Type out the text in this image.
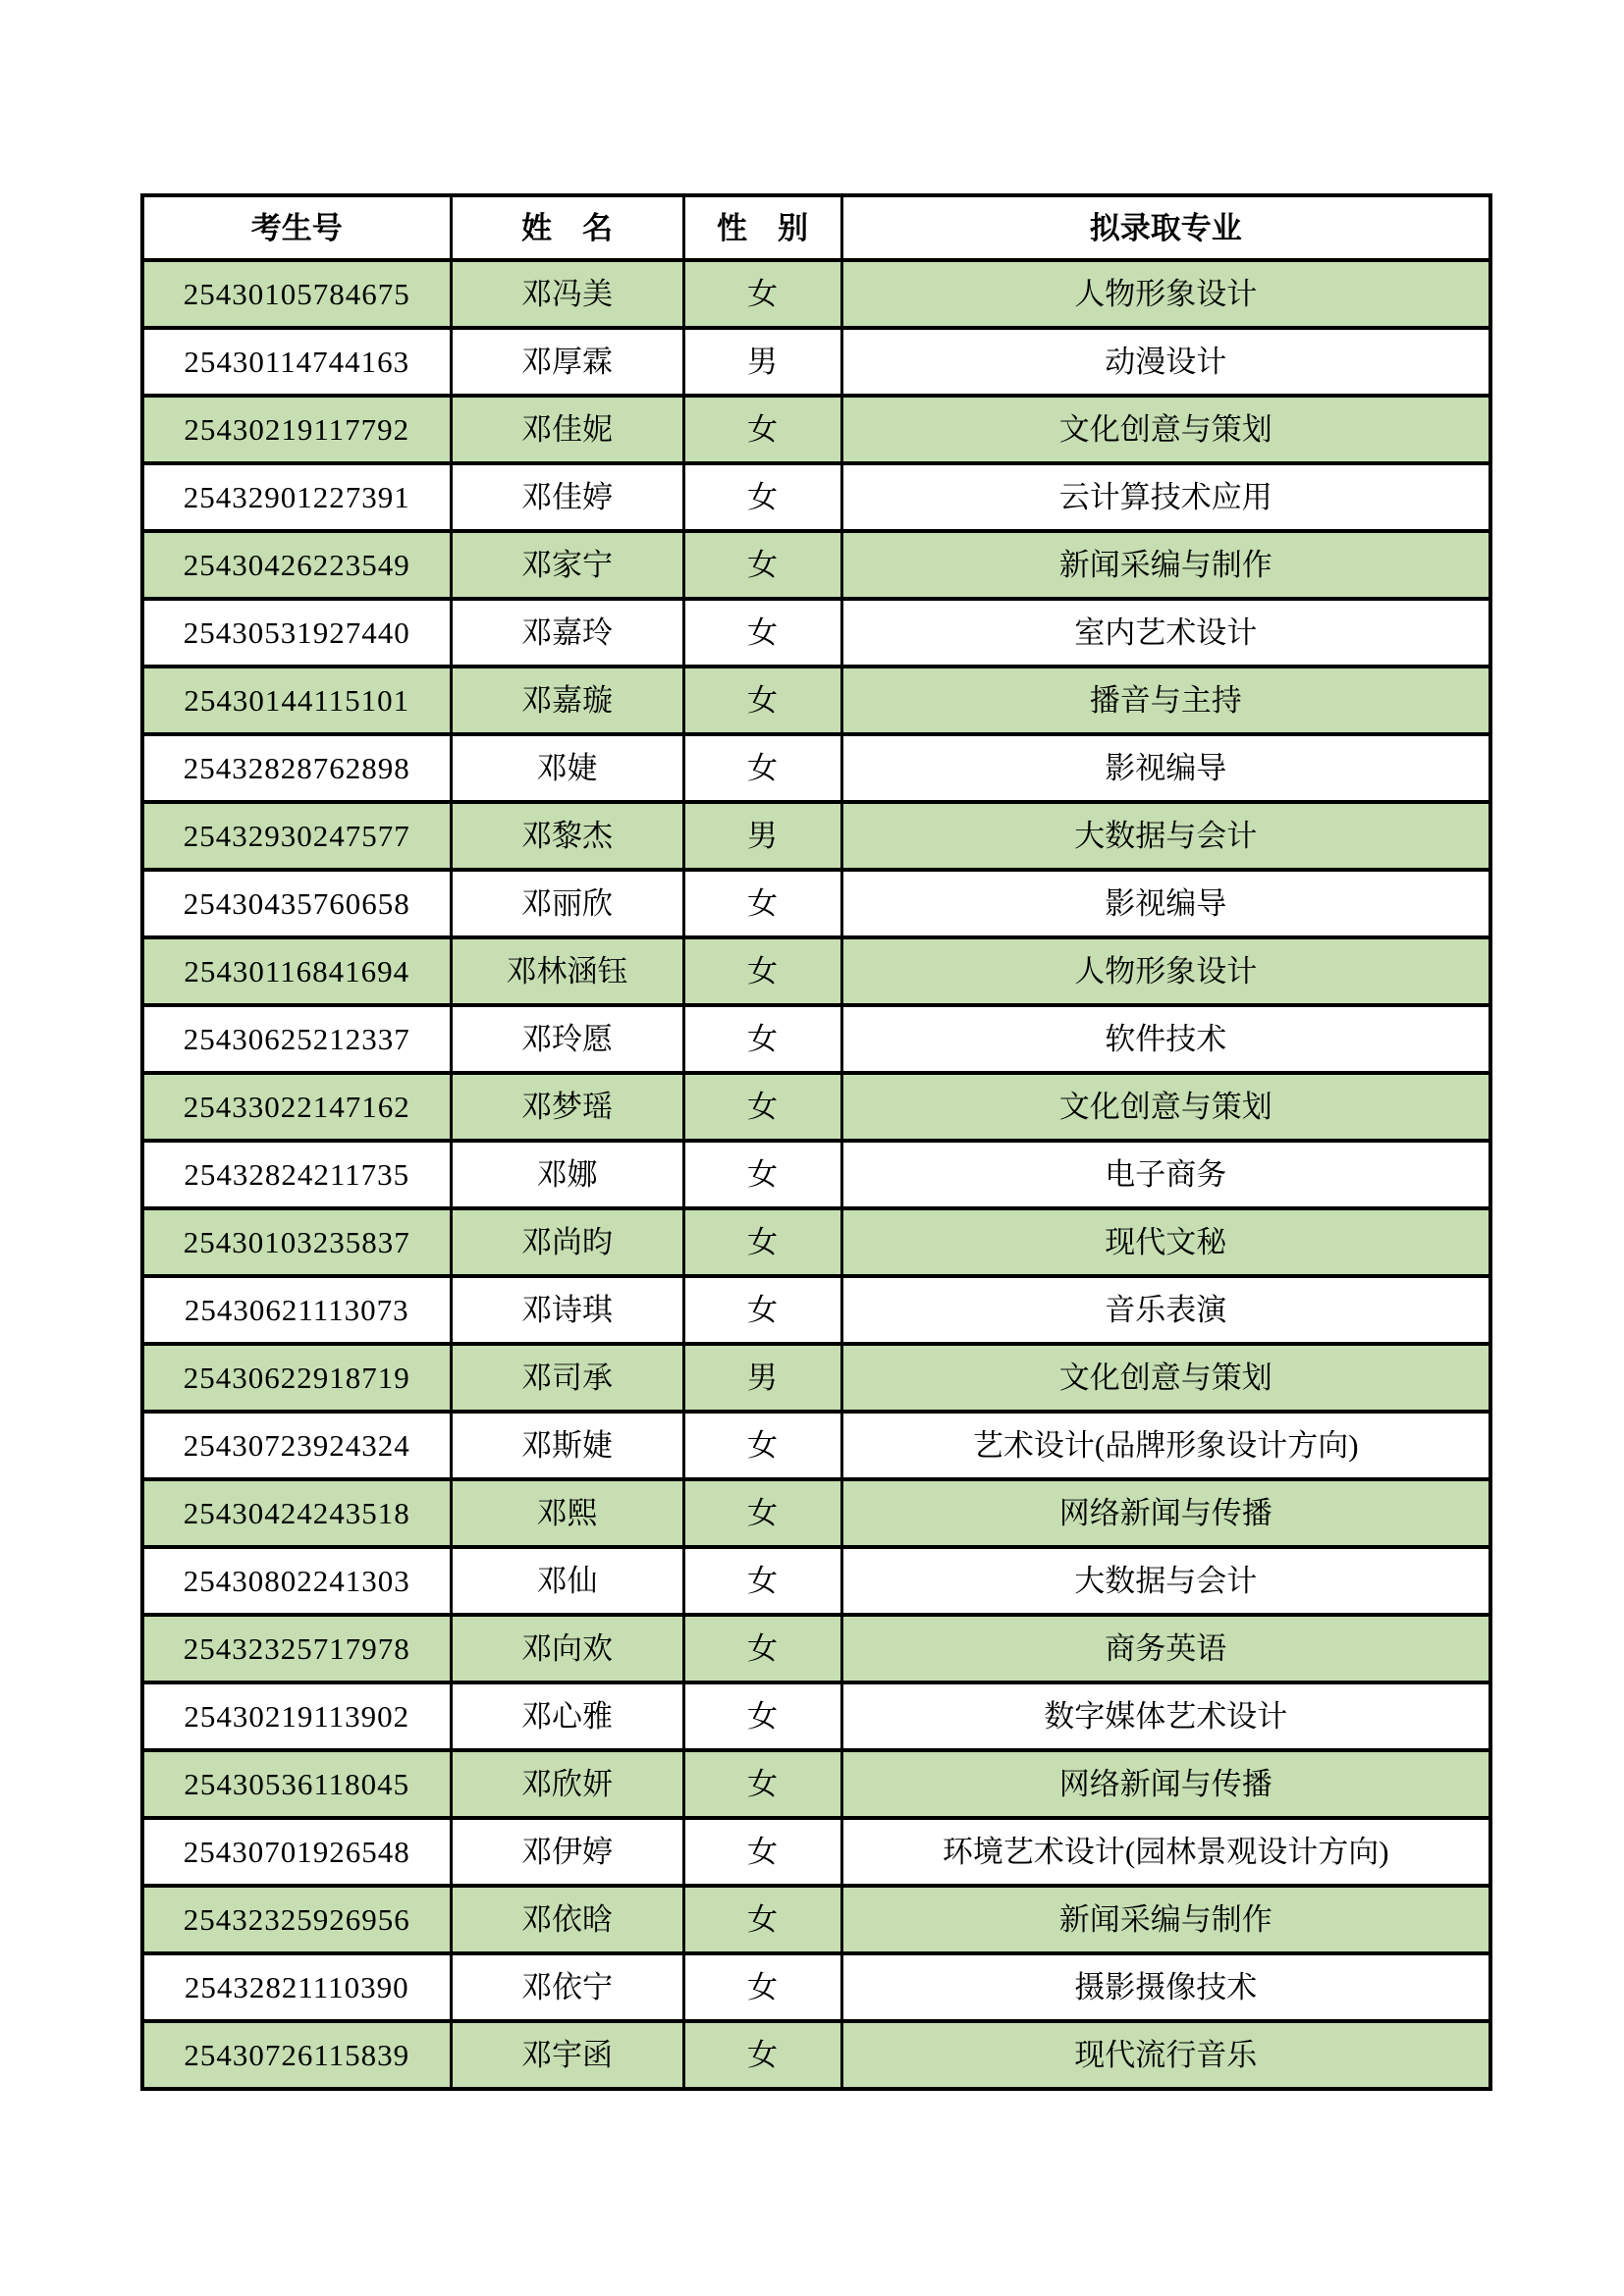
考生号	姓　名	性　别	拟录取专业
25430105784675	邓冯美	女	人物形象设计
25430114744163	邓厚霖	男	动漫设计
25430219117792	邓佳妮	女	文化创意与策划
25432901227391	邓佳婷	女	云计算技术应用
25430426223549	邓家宁	女	新闻采编与制作
25430531927440	邓嘉玲	女	室内艺术设计
25430144115101	邓嘉璇	女	播音与主持
25432828762898	邓婕	女	影视编导
25432930247577	邓黎杰	男	大数据与会计
25430435760658	邓丽欣	女	影视编导
25430116841694	邓林涵钰	女	人物形象设计
25430625212337	邓玲愿	女	软件技术
25433022147162	邓梦瑶	女	文化创意与策划
25432824211735	邓娜	女	电子商务
25430103235837	邓尚昀	女	现代文秘
25430621113073	邓诗琪	女	音乐表演
25430622918719	邓司承	男	文化创意与策划
25430723924324	邓斯婕	女	艺术设计(品牌形象设计方向)
25430424243518	邓熙	女	网络新闻与传播
25430802241303	邓仙	女	大数据与会计
25432325717978	邓向欢	女	商务英语
25430219113902	邓心雅	女	数字媒体艺术设计
25430536118045	邓欣妍	女	网络新闻与传播
25430701926548	邓伊婷	女	环境艺术设计(园林景观设计方向)
25432325926956	邓依晗	女	新闻采编与制作
25432821110390	邓依宁	女	摄影摄像技术
25430726115839	邓宇函	女	现代流行音乐
